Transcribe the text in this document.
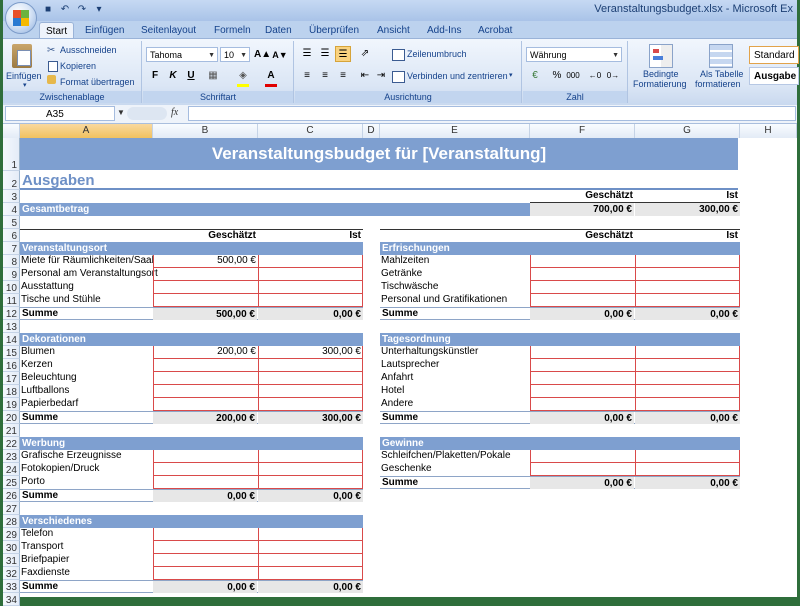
■ ↶ ↷	▾	Veranstaltungsbudget.xlsx - Microsoft Ex
Start	Einfügen	Seitenlayout	Formeln	Daten	Überprüfen	Ansicht	Add-Ins	Acrobat
Einfügen
▾
✂ Ausschneiden
Kopieren
Format übertragen
Zwischenablage
Tahoma	▼	10 ▼ A▲ A▼
F	K	U	▦	◈	A
Schriftart
☰ ☰ ☰	⇗
≡	≡	≡	⇤ ⇥
Zeilenumbruch
Verbinden und zentrieren ▾
Ausrichtung
Währung	▼
€	% 000 ←0 0→
Zahl
Bedingte
Formatierung
Als Tabelle
formatieren
Standard
Ausgabe
A35	▼	fx
A	B	C	D	E	F	G	H
1
2
3
4
5
6
7
8
9
10
11
12
13
14
15
16
17
18
19
20
21
22
23
24
25
26
27
28
29
30
31
32
33
34
Veranstaltungsbudget für [Veranstaltung]
Ausgaben
Geschätzt	Ist
Gesamtbetrag	700,00 €	300,00 €
Geschätzt	Ist	Geschätzt	Ist
Veranstaltungsort
Miete für Räumlichkeiten/Saal	500,00 €
Personal am Veranstaltungsort
Ausstattung
Tische und Stühle
Summe	500,00 €	0,00 €
Dekorationen
Blumen	200,00 €	300,00 €
Kerzen
Beleuchtung
Luftballons
Papierbedarf
Summe	200,00 €	300,00 €
Werbung
Grafische Erzeugnisse
Fotokopien/Druck
Porto
Summe	0,00 €	0,00 €
Verschiedenes
Telefon
Transport
Briefpapier
Faxdienste
Summe	0,00 €	0,00 €
Erfrischungen
Mahlzeiten
Getränke
Tischwäsche
Personal und Gratifikationen
Summe	0,00 €	0,00 €
Tagesordnung
Unterhaltungskünstler
Lautsprecher
Anfahrt
Hotel
Andere
Summe	0,00 €	0,00 €
Gewinne
Schleifchen/Plaketten/Pokale
Geschenke
Summe	0,00 €	0,00 €
